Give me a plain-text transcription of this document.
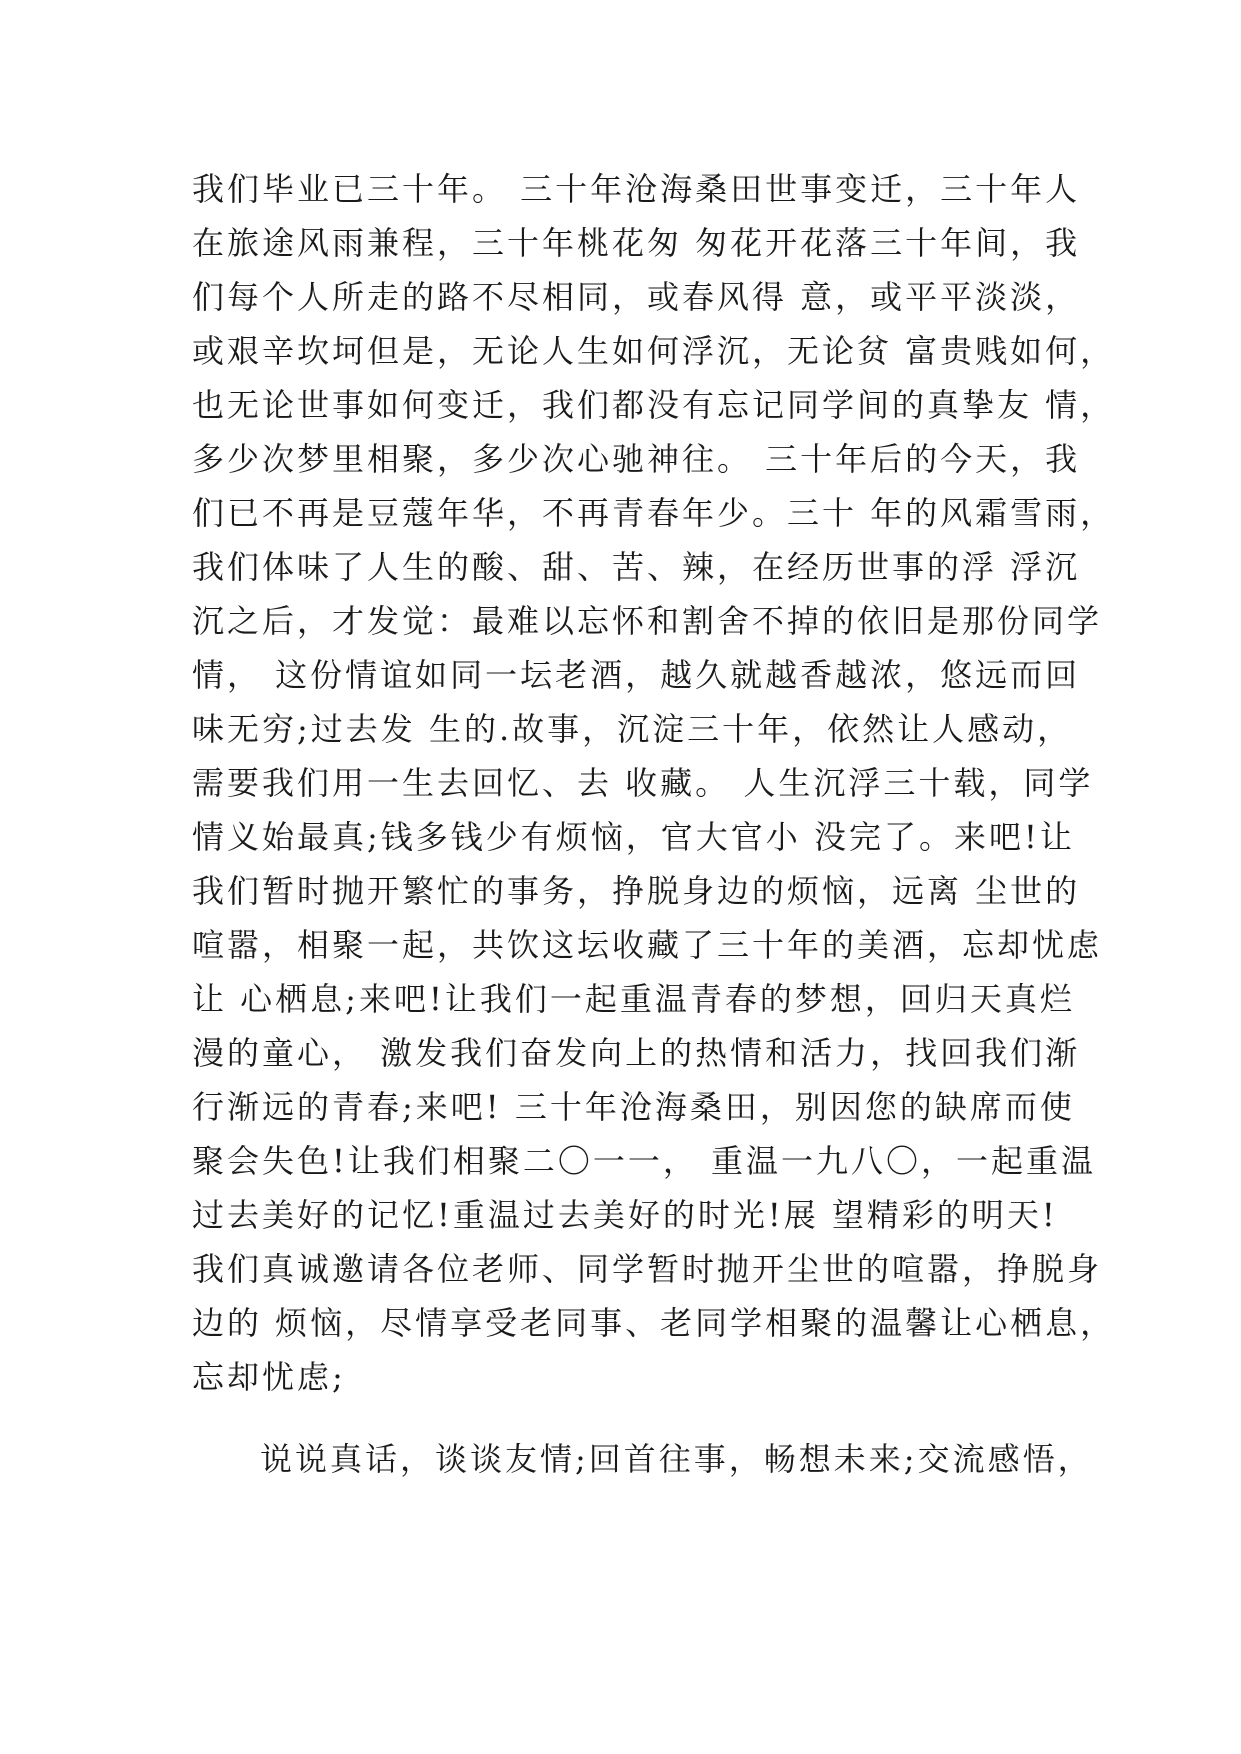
我们毕业已三十年。 三十年沧海桑田世事变迁，三十年人
在旅途风雨兼程，三十年桃花匆 匆花开花落三十年间，我
们每个人所走的路不尽相同，或春风得 意，或平平淡淡，
或艰辛坎坷但是，无论人生如何浮沉，无论贫 富贵贱如何，
也无论世事如何变迁，我们都没有忘记同学间的真挚友 情，
多少次梦里相聚，多少次心驰神往。 三十年后的今天，我
们已不再是豆蔻年华，不再青春年少。三十 年的风霜雪雨，
我们体味了人生的酸、甜、苦、辣，在经历世事的浮 浮沉
沉之后，才发觉：最难以忘怀和割舍不掉的依旧是那份同学
情， 这份情谊如同一坛老酒，越久就越香越浓，悠远而回
味无穷;过去发 生的.故事，沉淀三十年，依然让人感动，
需要我们用一生去回忆、去 收藏。 人生沉浮三十载，同学
情义始最真;钱多钱少有烦恼，官大官小 没完了。来吧!让
我们暂时抛开繁忙的事务，挣脱身边的烦恼，远离 尘世的
喧嚣，相聚一起，共饮这坛收藏了三十年的美酒，忘却忧虑
让 心栖息;来吧!让我们一起重温青春的梦想，回归天真烂
漫的童心， 激发我们奋发向上的热情和活力，找回我们渐
行渐远的青春;来吧! 三十年沧海桑田，别因您的缺席而使
聚会失色!让我们相聚二〇一一， 重温一九八〇，一起重温
过去美好的记忆!重温过去美好的时光!展 望精彩的明天!
我们真诚邀请各位老师、同学暂时抛开尘世的喧嚣，挣脱身
边的 烦恼，尽情享受老同事、老同学相聚的温馨让心栖息，
忘却忧虑;
说说真话，谈谈友情;回首往事，畅想未来;交流感悟，
